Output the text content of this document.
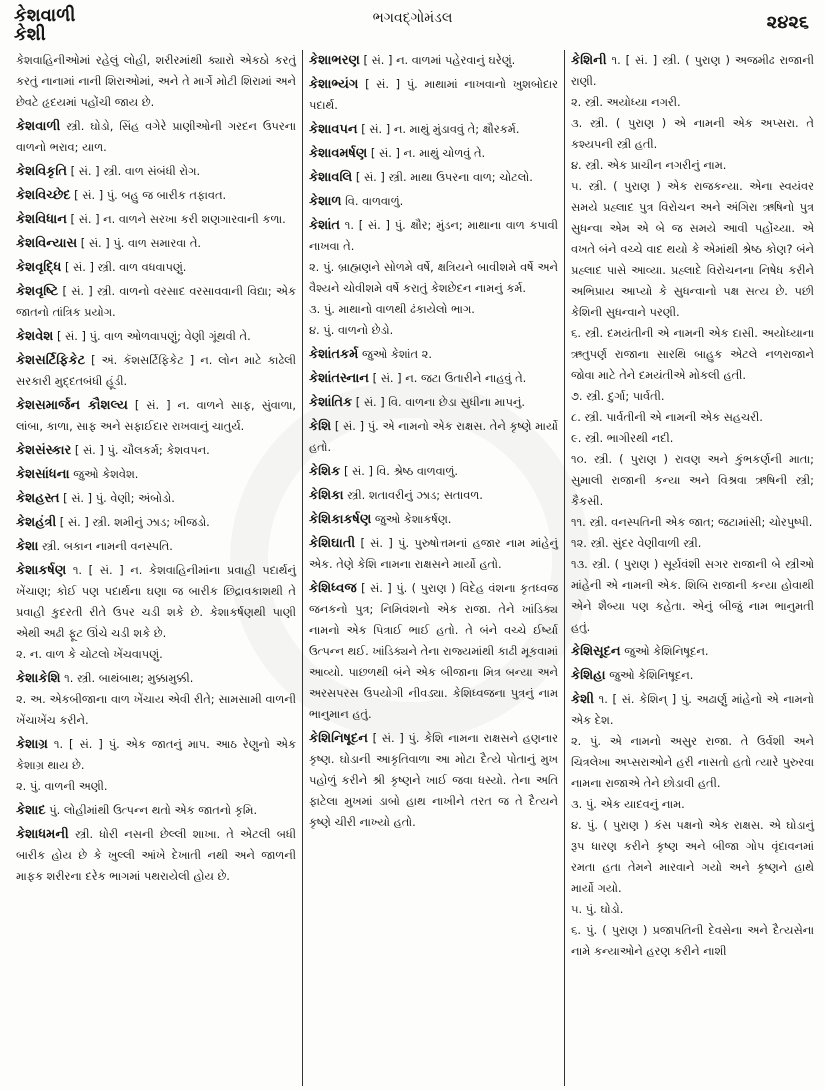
કેશવાળી
કેશી
ભગવદ્ગોમંડલ	૨૪૨૬
કેશવાહિનીઓમાં રહેલું લોહી, શરીરમાંથી ક્યારો એકઠો કરતું કરતું નાનામાં નાની શિરાઓમાં, અને તે માર્ગે મોટી શિરામાં અને છેવટે હૃદયમાં પહોંચી જાય છે.
કેશવાળી સ્ત્રી. ઘોડો, સિંહ વગેરે પ્રાણીઓની ગરદન ઉપરના વાળનો ભરાવ; યાળ.
કેશવિકૃતિ [ સં. ] સ્ત્રી. વાળ સંબંધી રોગ.
કેશવિચ્છેદ [ સં. ] પું. બહુ જ બારીક તફાવત.
કેશવિધાન [ સં. ] ન. વાળને સરખા કરી શણગારવાની કળા.
કેશવિન્યાસ [ સં. ] પું. વાળ સમારવા તે.
કેશવૃદ્ધિ [ સં. ] સ્ત્રી. વાળ વધવાપણું.
કેશવૃષ્ટિ [ સં. ] સ્ત્રી. વાળનો વરસાદ વરસાવવાની વિદ્યા; એક જાતનો તાંત્રિક પ્રયોગ.
કેશવેશ [ સં. ] પું. વાળ ઓળવાપણું; વેણી ગૂંથવી તે.
કેશસર્ટિફિકેટ [ અં. કૅશસર્ટિફિકેટ ] ન. લોન માટે કાઢેલી સરકારી મુદ્દતબંધી હૂંડી.
કેશસમાર્જન કૌશલ્ય [ સં. ] ન. વાળને સાફ, સુંવાળા, લાંબા, કાળા, સાફ અને સફાઈદાર રાખવાનું ચાતુર્ય.
કેશસંસ્કાર [ સં. ] પું. ચૌલકર્મ; કેશવપન.
કેશસાંધના જુઓ કેશવેશ.
કેશહસ્ત [ સં. ] પું. વેણી; અંબોડો.
કેશહંત્રી [ સં. ] સ્ત્રી. શમીનું ઝાડ; ખીજડો.
કેશા સ્ત્રી. બકાન નામની વનસ્પતિ.
કેશાકર્ષણ ૧. [ સં. ] ન. કેશવાહિનીમાંના પ્રવાહી પદાર્થનું ખેંચાણ; કોઈ પણ પદાર્થના ઘણા જ બારીક છિદ્રાવકાશથી તે પ્રવાહી કુદરતી રીતે ઉપર ચડી શકે છે. કેશાકર્ષણથી પાણી એથી અઢી ફૂટ ઊંચે ચડી શકે છે.
૨. ન. વાળ કે ચોટલો ખેંચવાપણું.
કેશાકેશિ ૧. સ્ત્રી. બાથંબાથ; મુક્કામુક્કી.
૨. અ. એકબીજાના વાળ ખેંચાય એવી રીતે; સામસામી વાળની ખેંચાખેંચ કરીને.
કેશાગ્ર ૧. [ સં. ] પું. એક જાતનું માપ. આઠ રેણુનો એક કેશાગ્ર થાય છે.
૨. પું. વાળની અણી.
કેશાદ પું. લોહીમાંથી ઉત્પન્ન થતો એક જાતનો કૃમિ.
કેશાધમની સ્ત્રી. ધોરી નસની છેલ્લી શાખા. તે એટલી બધી બારીક હોય છે કે ખુલ્લી આંખે દેખાતી નથી અને જાળની માફક શરીરના દરેક ભાગમાં પથરાયેલી હોય છે.
કેશાભરણ [ સં. ] ન. વાળમાં પહેરવાનું ઘરેણું.
કેશાભ્યંગ [ સં. ] પું. માથામાં નાખવાનો ખુશબોદાર પદાર્થ.
કેશાવપન [ સં. ] ન. માથું મુંડાવવું તે; ક્ષૌરકર્મ.
કેશાવમર્ષણ [ સં. ] ન. માથું ચોળવું તે.
કેશાવલિ [ સં. ] સ્ત્રી. માથા ઉપરના વાળ; ચોટલો.
કેશાળ વિ. વાળવાળું.
કેશાંત ૧. [ સં. ] પું. ક્ષૌર; મુંડન; માથાના વાળ કપાવી નાખવા તે.
૨. પું. બ્રાહ્મણને સોળમે વર્ષે, ક્ષત્રિયને બાવીશમે વર્ષે અને વૈશ્યને ચોવીશમે વર્ષે કરાતું કેશછેદન નામનું કર્મ.
૩. પું. માથાનો વાળથી ઢંકાયેલો ભાગ.
૪. પું. વાળનો છેડો.
કેશાંતકર્મ જુઓ કેશાંત ૨.
કેશાંતસ્નાન [ સં. ] ન. જટા ઉતારીને નાહવું તે.
કેશાંતિક [ સં. ] વિ. વાળના છેડા સુધીના માપનું.
કેશિ [ સં. ] પું. એ નામનો એક રાક્ષસ. તેને કૃષ્ણે માર્યો હતો.
કેશિક [ સં. ] વિ. શ્રેષ્ઠ વાળવાળું.
કેશિકા સ્ત્રી. શતાવરીનું ઝાડ; સતાવળ.
કેશિકાકર્ષણ જુઓ કેશાકર્ષણ.
કેશિઘાતી [ સં. ] પું. પુરુષોત્તમનાં હજાર નામ માંહેનું એક. તેણે કેશિ નામના રાક્ષસને માર્યો હતો.
કેશિધ્વજ [ સં. ] પું. ( પુરાણ ) વિદેહ વંશના કૃતધ્વજ જનકનો પુત્ર; નિમિવંશનો એક રાજા. તેને ખાંડિક્ય નામનો એક પિત્રાઈ ભાઈ હતો. તે બંને વચ્ચે ઈર્ષ્યા ઉત્પન્ન થઈ. ખાંડિક્યને તેના રાજ્યમાંથી કાઢી મૂકવામાં આવ્યો. પાછળથી બંને એક બીજાના મિત્ર બન્યા અને અરસપરસ ઉપયોગી નીવડ્યા. કેશિધ્વજના પુત્રનું નામ ભાનુમાન હતું.
કેશિનિષૂદન [ સં. ] પું. કેશિ નામના રાક્ષસને હણનાર કૃષ્ણ. ઘોડાની આકૃતિવાળા આ મોટા દૈત્યે પોતાનું મુખ પહોળું કરીને શ્રી કૃષ્ણને ખાઈ જવા ધસ્યો. તેના અતિ ફાટેલા મુખમાં ડાબો હાથ નાખીને તરત જ તે દૈત્યને કૃષ્ણે ચીરી નાખ્યો હતો.
કેશિની ૧. [ સં. ] સ્ત્રી. ( પુરાણ ) અજમીઢ રાજાની રાણી.
૨. સ્ત્રી. અયોધ્યા નગરી.
૩. સ્ત્રી. ( પુરાણ ) એ નામની એક અપ્સરા. તે કશ્યપની સ્ત્રી હતી.
૪. સ્ત્રી. એક પ્રાચીન નગરીનું નામ.
૫. સ્ત્રી. ( પુરાણ ) એક રાજકન્યા. એના સ્વયંવર સમયે પ્રહ્લાદ પુત્ર વિરોચન અને અંગિરા ઋષિનો પુત્ર સુધન્વા એમ એ બે જ સમયે આવી પહોંચ્યા. એ વખતે બંને વચ્ચે વાદ થયો કે એમાંથી શ્રેષ્ઠ કોણ? બંને પ્રહ્લાદ પાસે આવ્યા. પ્રહ્લાદે વિરોચનના નિષેધ કરીને અભિપ્રાય આપ્યો કે સુધન્વાનો પક્ષ સત્ય છે. પછી કેશિની સુધન્વાને પરણી.
૬. સ્ત્રી. દમયંતીની એ નામની એક દાસી. અયોધ્યાના ઋતુપર્ણ રાજાના સારથિ બાહુક એટલે નળરાજાને જોવા માટે તેને દમયંતીએ મોકલી હતી.
૭. સ્ત્રી. દુર્ગા; પાર્વતી.
૮. સ્ત્રી. પાર્વતીની એ નામની એક સહચરી.
૯. સ્ત્રી. ભાગીરથી નદી.
૧૦. સ્ત્રી. ( પુરાણ ) રાવણ અને કુંભકર્ણની માતા; સુમાલી રાજાની કન્યા અને વિશ્રવા ઋષિની સ્ત્રી; કૈકસી.
૧૧. સ્ત્રી. વનસ્પતિની એક જાત; જટામાંસી; ચોરપુષ્પી.
૧૨. સ્ત્રી. સુંદર વેણીવાળી સ્ત્રી.
૧૩. સ્ત્રી. ( પુરાણ ) સૂર્યવંશી સગર રાજાની બે સ્ત્રીઓ માંહેની એ નામની એક. શિબિ રાજાની કન્યા હોવાથી એને શૈબ્યા પણ કહેતા. એનું બીજું નામ ભાનુમતી હતું.
કેશિસૂદન જુઓ કેશિનિષૂદન.
કેશિહા જુઓ કેશિનિષૂદન.
કેશી ૧. [ સં. કેશિન્ ] પું. અઢાર્ણુ માંહેનો એ નામનો એક દેશ.
૨. પું. એ નામનો અસુર રાજા. તે ઉર્વશી અને ચિત્રલેખા અપ્સરાઓને હરી નાસતો હતો ત્યારે પુરુરવા નામના રાજાએ તેને છોડાવી હતી.
૩. પું. એક યાદવનું નામ.
૪. પું. ( પુરાણ ) કંસ પક્ષનો એક રાક્ષસ. એ ઘોડાનું રૂપ ધારણ કરીને કૃષ્ણ અને બીજા ગોપ વૃંદાવનમાં રમતા હતા તેમને મારવાને ગયો અને કૃષ્ણને હાથે માર્યો ગયો.
૫. પું. ઘોડો.
૬. પું. ( પુરાણ ) પ્રજાપતિની દેવસેના અને દૈત્યસેના નામે કન્યાઓને હરણ કરીને નાશી
